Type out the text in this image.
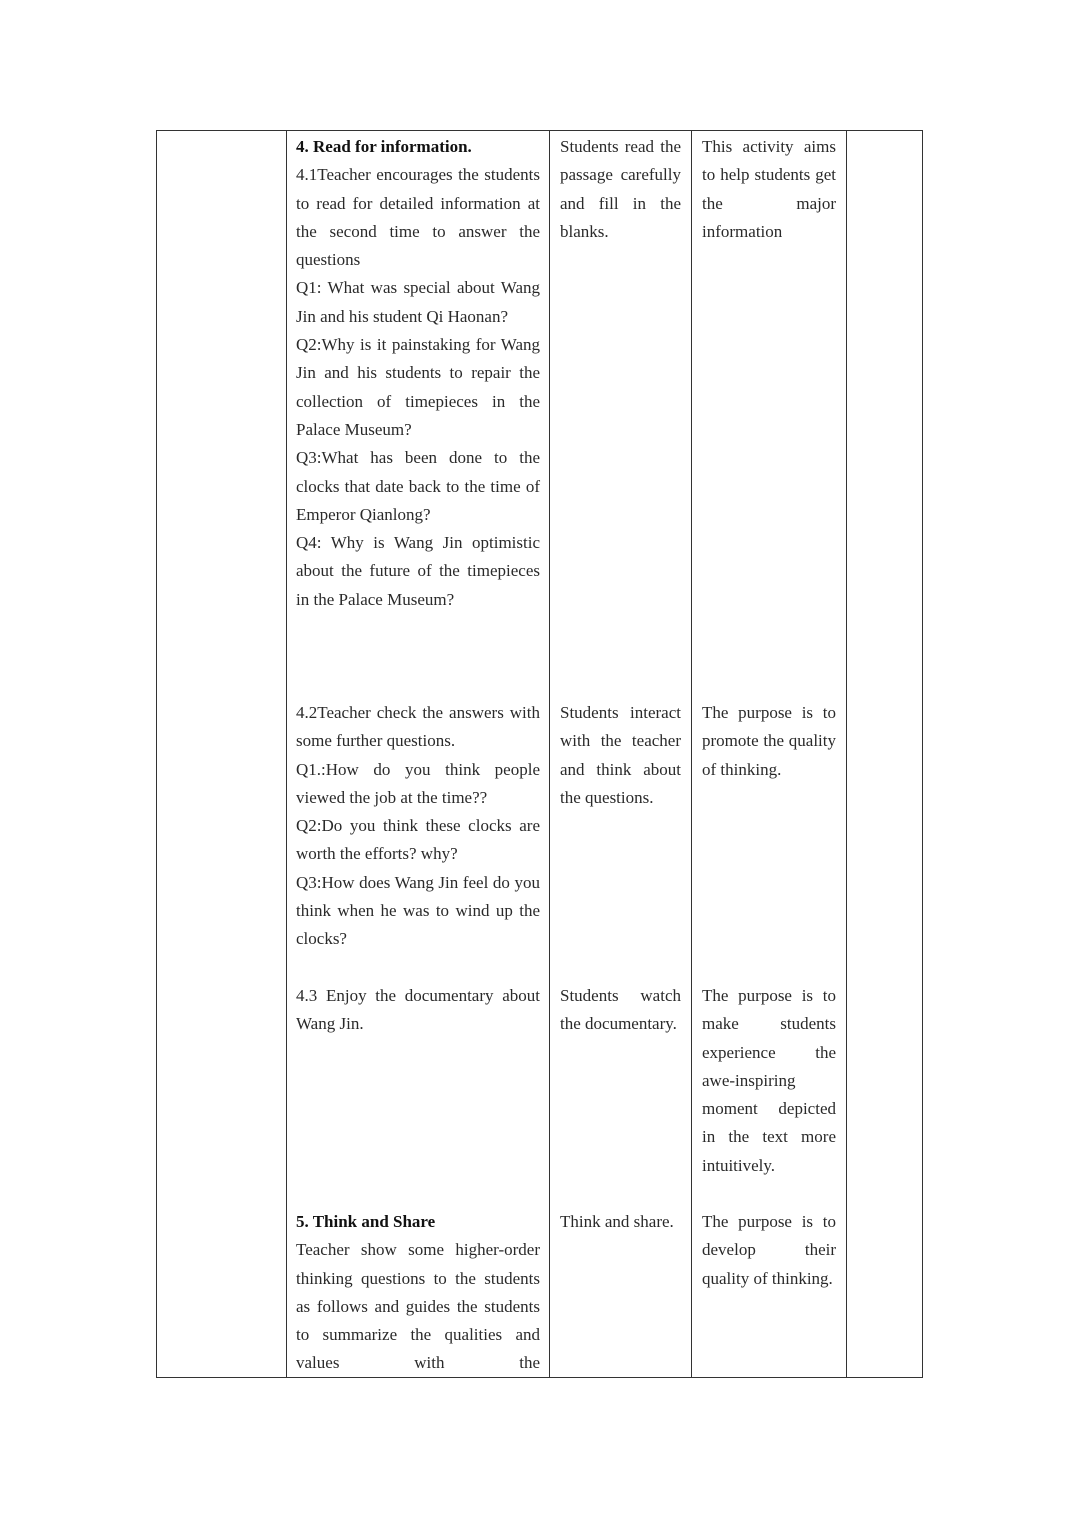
4. Read for information.

4.1Teacher encourages the students to read for detailed information at the second time to answer the questions

Q1: What was special about Wang Jin and his student Qi Haonan?

Q2:Why is it painstaking for Wang Jin and his students to repair the collection of timepieces in the Palace Museum?

Q3:What has been done to the clocks that date back to the time of Emperor Qianlong?

Q4: Why is Wang Jin optimistic about the future of the timepieces in the Palace Museum?

Students read the passage carefully and fill in the blanks.

This activity aims to help students get the major information

4.2Teacher check the answers with some further questions.

Q1.:How do you think people viewed the job at the time??

Q2:Do you think these clocks are worth the efforts? why?

Q3:How does Wang Jin feel do you think when he was to wind up the clocks?

Students interact with the teacher and think about the questions.

The purpose is to promote the quality of thinking.

4.3 Enjoy the documentary about Wang Jin.

Students watch the documentary.

The purpose is to make students experience the awe-inspiring moment depicted in the text more intuitively.

5. Think and Share

Teacher show some higher-order thinking questions to the students as follows and guides the students to summarize the qualities and values with the

Think and share.	The purpose is to develop their quality of thinking.
